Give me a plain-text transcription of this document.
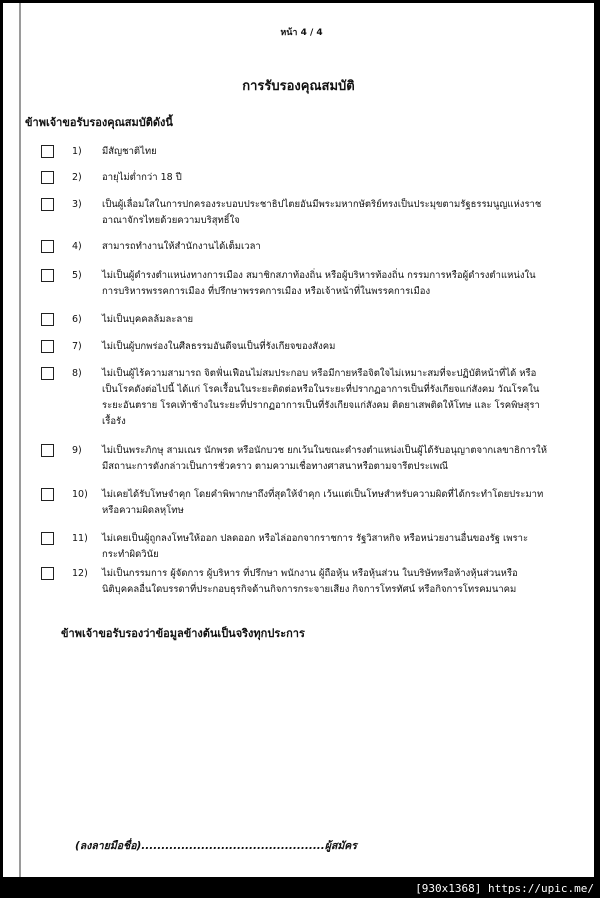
หน้า 4 / 4
การรับรองคุณสมบัติ
ข้าพเจ้าขอรับรองคุณสมบัติดังนี้
1)	มีสัญชาติไทย
2)	อายุไม่ต่ำกว่า 18 ปี
3)	เป็นผู้เลื่อมใสในการปกครองระบอบประชาธิปไตยอันมีพระมหากษัตริย์ทรงเป็นประมุขตามรัฐธรรมนูญแห่งราชอาณาจักรไทยด้วยความบริสุทธิ์ใจ
4)	สามารถทำงานให้สำนักงานได้เต็มเวลา
5)	ไม่เป็นผู้ดำรงตำแหน่งทางการเมือง สมาชิกสภาท้องถิ่น หรือผู้บริหารท้องถิ่น กรรมการหรือผู้ดำรงตำแหน่งในการบริหารพรรคการเมือง ที่ปรึกษาพรรคการเมือง หรือเจ้าหน้าที่ในพรรคการเมือง
6)	ไม่เป็นบุคคลล้มละลาย
7)	ไม่เป็นผู้บกพร่องในศีลธรรมอันดีจนเป็นที่รังเกียจของสังคม
8)	ไม่เป็นผู้ไร้ความสามารถ จิตฟั่นเฟือนไม่สมประกอบ หรือมีกายหรือจิตใจไม่เหมาะสมที่จะปฏิบัติหน้าที่ได้ หรือเป็นโรคดังต่อไปนี้ ได้แก่ โรคเรื้อนในระยะติดต่อหรือในระยะที่ปรากฏอาการเป็นที่รังเกียจแก่สังคม วัณโรคในระยะอันตราย โรคเท้าช้างในระยะที่ปรากฏอาการเป็นที่รังเกียจแก่สังคม ติดยาเสพติดให้โทษ และ โรคพิษสุราเรื้อรัง
9)	ไม่เป็นพระภิกษุ สามเณร นักพรต หรือนักบวช ยกเว้นในขณะดำรงตำแหน่งเป็นผู้ได้รับอนุญาตจากเลขาธิการให้มีสถานะการดังกล่าวเป็นการชั่วคราว ตามความเชื่อทางศาสนาหรือตามจารีตประเพณี
10)	ไม่เคยได้รับโทษจำคุก โดยคำพิพากษาถึงที่สุดให้จำคุก เว้นแต่เป็นโทษสำหรับความผิดที่ได้กระทำโดยประมาท หรือความผิดลหุโทษ
11)	ไม่เคยเป็นผู้ถูกลงโทษให้ออก ปลดออก หรือไล่ออกจากราชการ รัฐวิสาหกิจ หรือหน่วยงานอื่นของรัฐ เพราะกระทำผิดวินัย
12)	ไม่เป็นกรรมการ ผู้จัดการ ผู้บริหาร ที่ปรึกษา พนักงาน ผู้ถือหุ้น หรือหุ้นส่วน ในบริษัทหรือห้างหุ้นส่วนหรือนิติบุคคลอื่นใดบรรดาที่ประกอบธุรกิจด้านกิจการกระจายเสียง กิจการโทรทัศน์ หรือกิจการโทรคมนาคม
ข้าพเจ้าขอรับรองว่าข้อมูลข้างต้นเป็นจริงทุกประการ
(ลงลายมือชื่อ)..............................................ผู้สมัคร
[930x1368] https://upic.me/
